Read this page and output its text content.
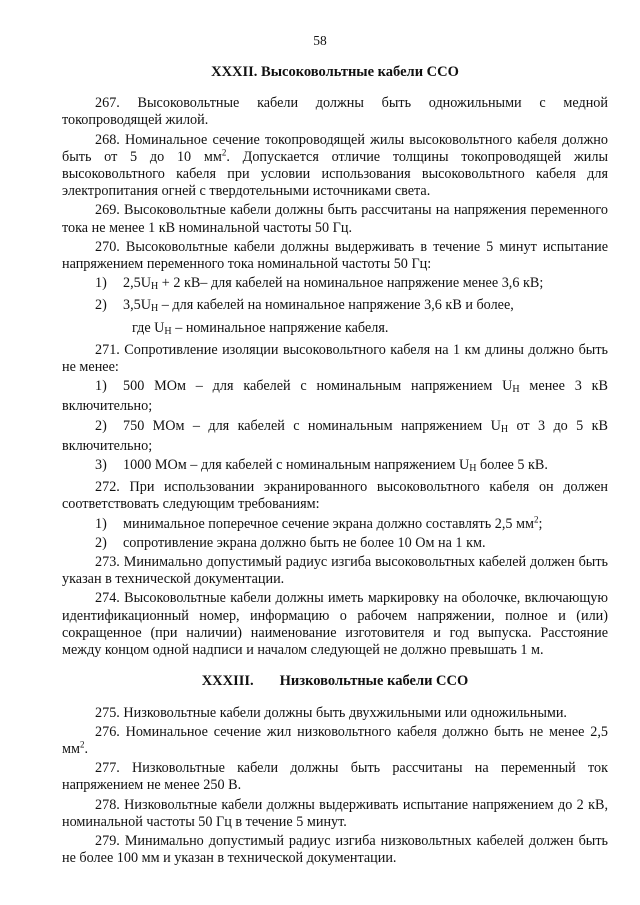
58
XXXII. Высоковольтные кабели ССО

267. Высоковольтные кабели должны быть одножильными с медной токопроводящей жилой.

268. Номинальное сечение токопроводящей жилы высоковольтного кабеля должно быть от 5 до 10 $мм^2$. Допускается отличие толщины токопроводящей жилы высоковольтного кабеля при условии использования высоковольтного кабеля для электропитания огней с твердотельными источниками света.

269. Высоковольтные кабели должны быть рассчитаны на напряжения переменного тока не менее 1 кВ номинальной частоты 50 Гц.

270. Высоковольтные кабели должны выдерживать в течение 5 минут испытание напряжением переменного тока номинальной частоты 50 Гц:

1) 2,5UН + 2 кВ– для кабелей на номинальное напряжение менее 3,6 кВ;

2) 3,5UН – для кабелей на номинальное напряжение 3,6 кВ и более,

где UН – номинальное напряжение кабеля.

271. Сопротивление изоляции высоковольтного кабеля на 1 км длины должно быть не менее:

1) 500 МОм – для кабелей с номинальным напряжением UН менее 3 кВ включительно;

2) 750 МОм – для кабелей с номинальным напряжением UН от 3 до 5 кВ включительно;

3) 1000 МОм – для кабелей с номинальным напряжением UН более 5 кВ.

272. При использовании экранированного высоковольтного кабеля он должен соответствовать следующим требованиям:

1) минимальное поперечное сечение экрана должно составлять 2,5 $мм^2$;

2) сопротивление экрана должно быть не более 10 Ом на 1 км.

273. Минимально допустимый радиус изгиба высоковольтных кабелей должен быть указан в технической документации.

274. Высоковольтные кабели должны иметь маркировку на оболочке, включающую идентификационный номер, информацию о рабочем напряжении, полное и (или) сокращенное (при наличии) наименование изготовителя и год выпуска. Расстояние между концом одной надписи и началом следующей не должно превышать 1 м.

XXXIII. Низковольтные кабели ССО

275. Низковольтные кабели должны быть двухжильными или одножильными.

276. Номинальное сечение жил низковольтного кабеля должно быть не менее 2,5 $мм^2$.

277. Низковольтные кабели должны быть рассчитаны на переменный ток напряжением не менее 250 В.

278. Низковольтные кабели должны выдерживать испытание напряжением до 2 кВ, номинальной частоты 50 Гц в течение 5 минут.

279. Минимально допустимый радиус изгиба низковольтных кабелей должен быть не более 100 мм и указан в технической документации.
